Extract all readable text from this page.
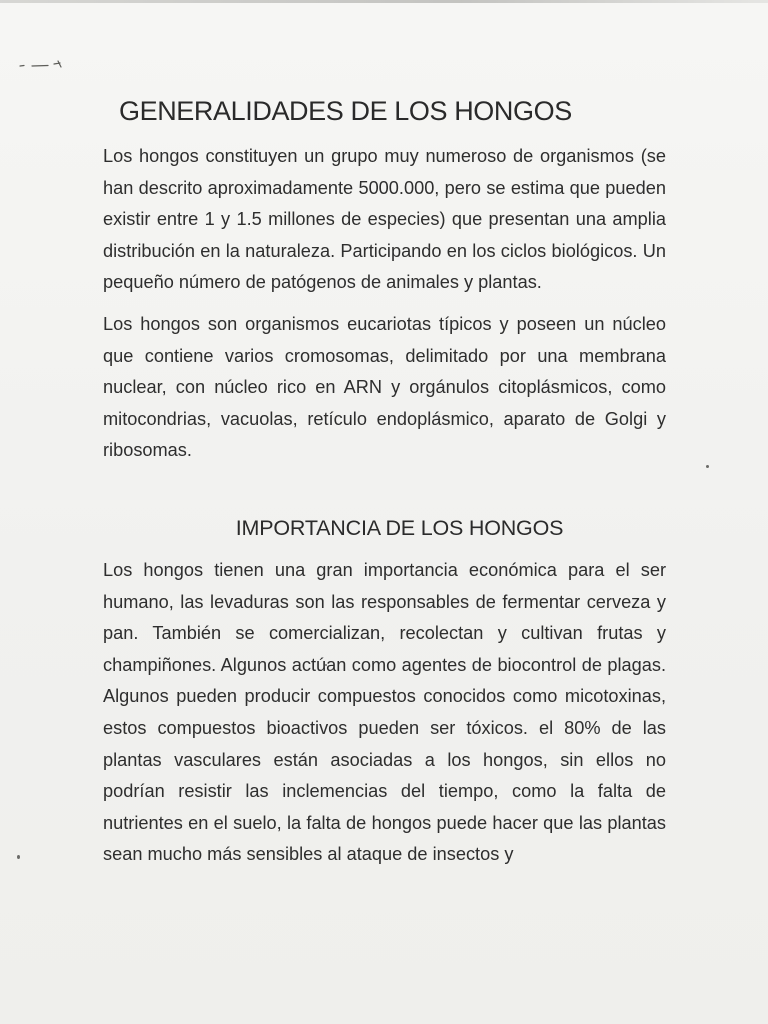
GENERALIDADES DE LOS HONGOS

Los hongos constituyen un grupo muy numeroso de organismos (se han descrito aproximadamente 5000.000, pero se estima que pueden existir entre 1 y 1.5 millones de especies) que presentan una amplia distribución en la naturaleza. Participando en los ciclos biológicos. Un pequeño número de patógenos de animales y plantas.

Los hongos son organismos eucariotas típicos y poseen un núcleo que contiene varios cromosomas, delimitado por una membrana nuclear, con núcleo rico en ARN y orgánulos citoplásmicos, como mitocondrias, vacuolas, retículo endoplásmico, aparato de Golgi y ribosomas.

IMPORTANCIA DE LOS HONGOS

Los hongos tienen una gran importancia económica para el ser humano, las levaduras son las responsables de fermentar cerveza y pan. También se comercializan, recolectan y cultivan frutas y champiñones. Algunos actúan como agentes de biocontrol de plagas. Algunos pueden producir compuestos conocidos como micotoxinas, estos compuestos bioactivos pueden ser tóxicos. el 80% de las plantas vasculares están asociadas a los hongos, sin ellos no podrían resistir las inclemencias del tiempo, como la falta de nutrientes en el suelo, la falta de hongos puede hacer que las plantas sean mucho más sensibles al ataque de insectos y
